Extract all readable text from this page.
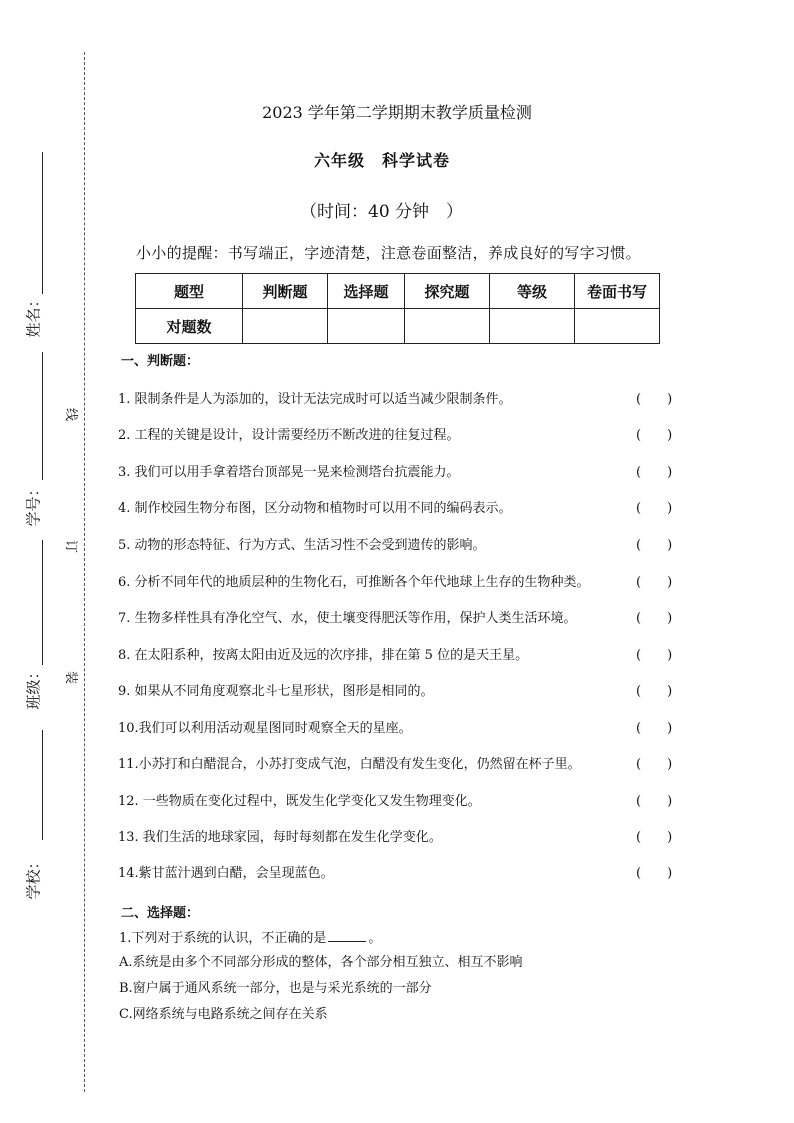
姓名：
学号：
班级：
学校：
线
订
装
2023 学年第二学期期末教学质量检测
六年级　科学试卷
（时间：40 分钟　）
小小的提醒：书写端正，字迹清楚，注意卷面整洁，养成良好的写字习惯。
题型	判断题	选择题	探究题	等级	卷面书写
对题数					
一、判断题：
1. 限制条件是人为添加的，设计无法完成时可以适当减少限制条件。	(　　)
2. 工程的关键是设计，设计需要经历不断改进的往复过程。	(　　)
3. 我们可以用手拿着塔台顶部晃一晃来检测塔台抗震能力。	(　　)
4. 制作校园生物分布图，区分动物和植物时可以用不同的编码表示。	(　　)
5. 动物的形态特征、行为方式、生活习性不会受到遗传的影响。	(　　)
6. 分析不同年代的地质层种的生物化石，可推断各个年代地球上生存的生物种类。	(　　)
7. 生物多样性具有净化空气、水，使土壤变得肥沃等作用，保护人类生活环境。	(　　)
8. 在太阳系种，按离太阳由近及远的次序排，排在第 5 位的是天王星。	(　　)
9. 如果从不同角度观察北斗七星形状，图形是相同的。	(　　)
10.我们可以利用活动观星图同时观察全天的星座。	(　　)
11.小苏打和白醋混合，小苏打变成气泡，白醋没有发生变化，仍然留在杯子里。	(　　)
12. 一些物质在变化过程中，既发生化学变化又发生物理变化。	(　　)
13. 我们生活的地球家园，每时每刻都在发生化学变化。	(　　)
14.紫甘蓝汁遇到白醋，会呈现蓝色。	(　　)
二、选择题：
1.下列对于系统的认识，不正确的是	。
A.系统是由多个不同部分形成的整体，各个部分相互独立、相互不影响
B.窗户属于通风系统一部分，也是与采光系统的一部分
C.网络系统与电路系统之间存在关系
